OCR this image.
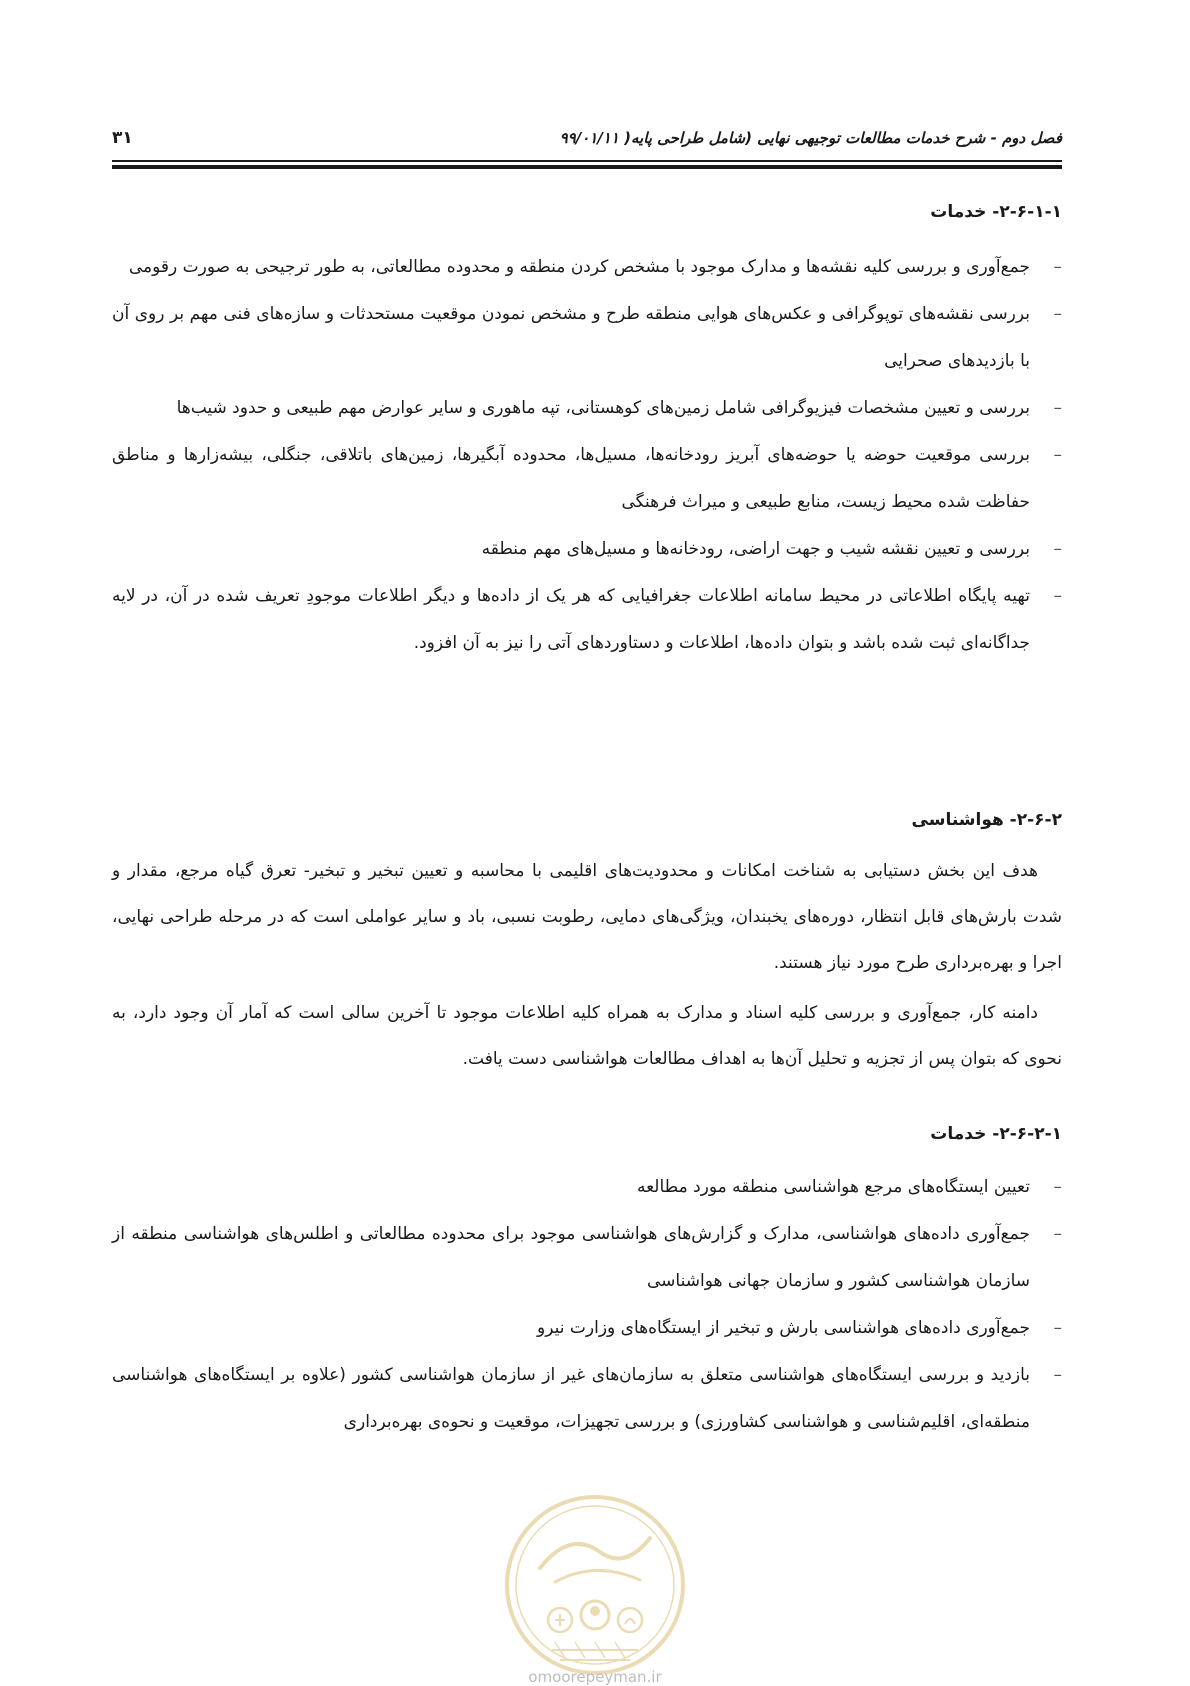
فصل دوم - شرح خدمات مطالعات توجیهی نهایی (شامل طراحی پایه( ۹۹/۰۱/۱۱
۳۱
۲-۶-۱-۱- خدمات
–
جمع‌آوری و بررسی کلیه نقشه‌ها و مدارک موجود با مشخص کردن منطقه و محدوده مطالعاتی، به طور ترجیحی به صورت رقومی
–
بررسی نقشه‌های توپوگرافی و عکس‌های هوایی منطقه طرح و مشخص نمودن موقعیت مستحدثات و سازه‌های فنی مهم بر روی آن با بازدیدهای صحرایی
–
بررسی و تعیین مشخصات فیزیوگرافی شامل زمین‌های کوهستانی، تپه ماهوری و سایر عوارض مهم طبیعی و حدود شیب‌ها
–
بررسی موقعیت حوضه یا حوضه‌های آبریز رودخانه‌ها، مسیل‌ها، محدوده آبگیرها، زمین‌های باتلاقی، جنگلی، بیشه‌زارها و مناطق حفاظت شده محیط زیست، منابع طبیعی و میراث فرهنگی
–
بررسی و تعیین نقشه شیب و جهت اراضی، رودخانه‌ها و مسیل‌های مهم منطقه
–
تهیه پایگاه اطلاعاتی در محیط سامانه اطلاعات جغرافیایی که هر یک از داده‌ها و دیگر اطلاعات موجودِ تعریف شده در آن، در لایه جداگانه‌ای ثبت شده باشد و بتوان داده‌ها، اطلاعات و دستاوردهای آتی را نیز به آن افزود.
۲-۶-۲- هواشناسی

هدف این بخش دستیابی به شناخت امکانات و محدودیت‌های اقلیمی با محاسبه و تعیین تبخیر و تبخیر- تعرق گیاه مرجع، مقدار و شدت بارش‌های قابل انتظار، دوره‌های یخبندان، ویژگی‌های دمایی، رطوبت نسبی، باد و سایر عواملی است که در مرحله طراحی نهایی، اجرا و بهره‌برداری طرح مورد نیاز هستند.

دامنه کار، جمع‌آوری و بررسی کلیه اسناد و مدارک به همراه کلیه اطلاعات موجود تا آخرین سالی است که آمار آن وجود دارد، به نحوی که بتوان پس از تجزیه و تحلیل آن‌ها به اهداف مطالعات هواشناسی دست یافت.

۲-۶-۲-۱- خدمات
–
تعیین ایستگاه‌های مرجع هواشناسی منطقه مورد مطالعه
–
جمع‌آوری داده‌های هواشناسی، مدارک و گزارش‌های هواشناسی موجود برای محدوده مطالعاتی و اطلس‌های هواشناسی منطقه از سازمان هواشناسی کشور و سازمان جهانی هواشناسی
–
جمع‌آوری داده‌های هواشناسی بارش و تبخیر از ایستگاه‌های وزارت نیرو
–
بازدید و بررسی ایستگاه‌های هواشناسی متعلق به سازمان‌های غیر از سازمان هواشناسی کشور (علاوه بر ایستگاه‌های هواشناسی منطقه‌ای، اقلیم‌شناسی و هواشناسی کشاورزی) و بررسی تجهیزات، موقعیت و نحوه‌ی بهره‌برداری
omoorepeyman.ir
